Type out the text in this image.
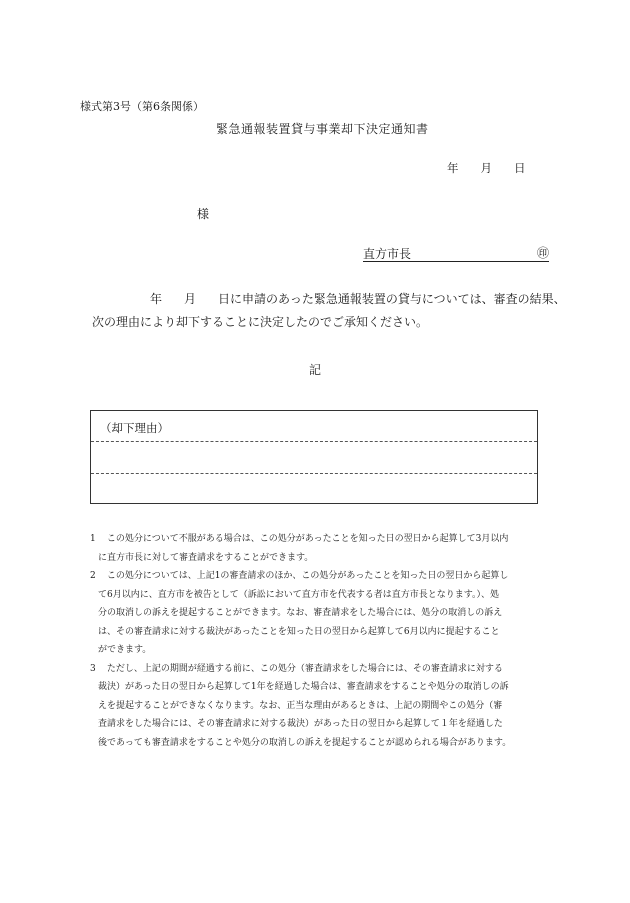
様式第3号（第6条関係）
緊急通報装置貸与事業却下決定通知書
年 月 日
様
直方市長	㊞
年 月 日に申請のあった緊急通報装置の貸与については、審査の結果、
次の理由により却下することに決定したのでご承知ください。
記
（却下理由）
1 この処分について不服がある場合は、この処分があったことを知った日の翌日から起算して3月以内
に直方市長に対して審査請求をすることができます。
2 この処分については、上記1の審査請求のほか、この処分があったことを知った日の翌日から起算し
て6月以内に、直方市を被告として（訴訟において直方市を代表する者は直方市長となります。）、処
分の取消しの訴えを提起することができます。なお、審査請求をした場合には、処分の取消しの訴え
は、その審査請求に対する裁決があったことを知った日の翌日から起算して6月以内に提起すること
ができます。
3 ただし、上記の期間が経過する前に、この処分（審査請求をした場合には、その審査請求に対する
裁決）があった日の翌日から起算して1年を経過した場合は、審査請求をすることや処分の取消しの訴
えを提起することができなくなります。なお、正当な理由があるときは、上記の期間やこの処分（審
査請求をした場合には、その審査請求に対する裁決）があった日の翌日から起算して１年を経過した
後であっても審査請求をすることや処分の取消しの訴えを提起することが認められる場合があります。
